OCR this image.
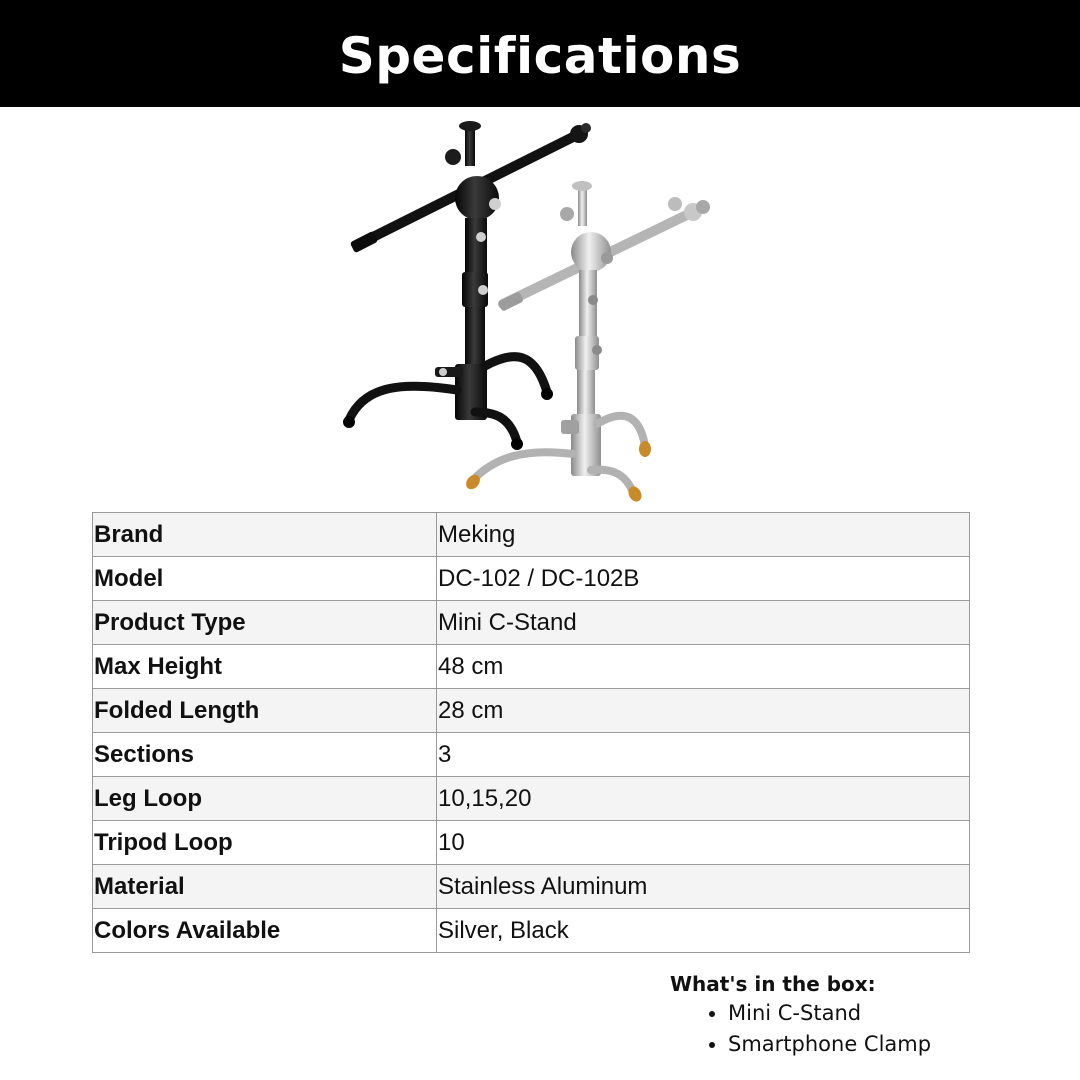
Specifications
Brand	Meking
Model	DC-102 / DC-102B
Product Type	Mini C-Stand
Max Height	48 cm
Folded Length	28 cm
Sections	3
Leg Loop	10,15,20
Tripod Loop	10
Material	Stainless Aluminum
Colors Available	Silver, Black
What's in the box:
• Mini C-Stand
• Smartphone Clamp
